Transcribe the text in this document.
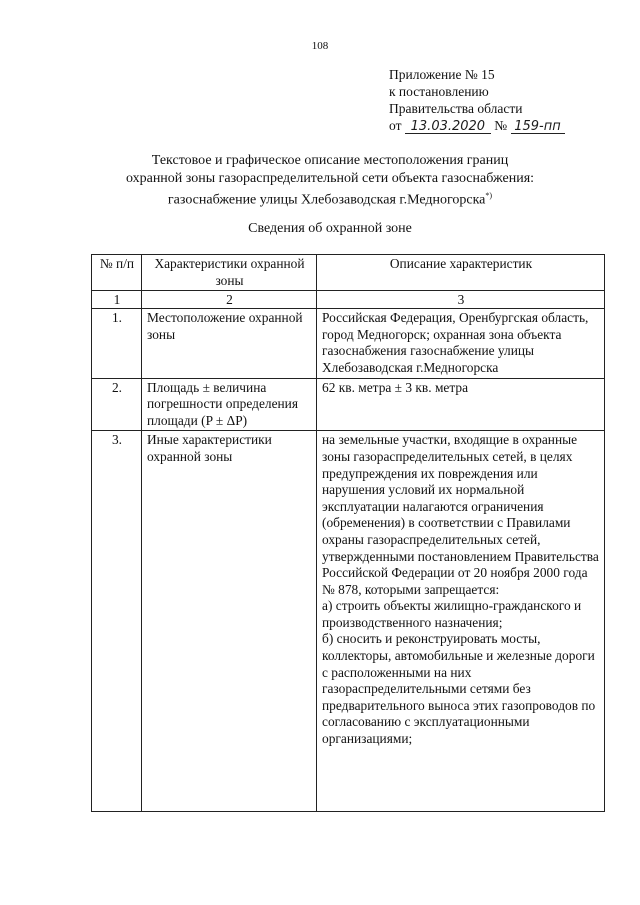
108
Приложение № 15
к постановлению
Правительства области
от 13.03.2020 № 159-пп
Текстовое и графическое описание местоположения границ
охранной зоны газораспределительной сети объекта газоснабжения:
газоснабжение улицы Хлебозаводская г.Медногорска*)
Сведения об охранной зоне
№ п/п	Характеристики охранной зоны	Описание характеристик
1	2	3
1.	Местоположение охранной зоны	Российская Федерация, Оренбургская область, город Медногорск; охранная зона объекта газоснабжения газоснабжение улицы Хлебозаводская г.Медногорска

2.	Площадь ± величина погрешности определения площади (P ± ΔP)	62 кв. метра ± 3 кв. метра

3.	Иные характеристики охранной зоны	на земельные участки, входящие в охранные зоны газораспределительных сетей, в целях предупреждения их повреждения или нарушения условий их нормальной эксплуатации налагаются ограничения (обременения) в соответствии с Правилами охраны газораспределительных сетей, утвержденными постановлением Правительства Российской Федерации от 20 ноября 2000 года № 878, которыми запрещается:

а) строить объекты жилищно-гражданского и производственного назначения;

б) сносить и реконструировать мосты, коллекторы, автомобильные и железные дороги с расположенными на них газораспределительными сетями без предварительного выноса этих газопроводов по согласованию с эксплуатационными организациями;
